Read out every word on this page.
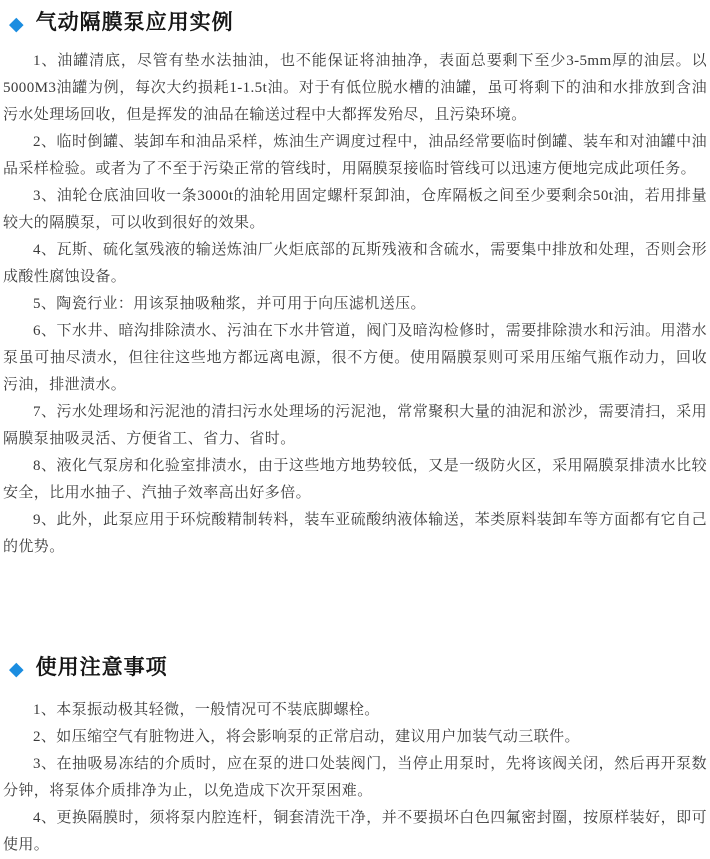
◆ 气动隔膜泵应用实例

1、油罐清底，尽管有垫水法抽油，也不能保证将油抽净，表面总要剩下至少3-5mm厚的油层。以5000M3油罐为例，每次大约损耗1-1.5t油。对于有低位脱水槽的油罐，虽可将剩下的油和水排放到含油污水处理场回收，但是挥发的油品在输送过程中大都挥发殆尽，且污染环境。

2、临时倒罐、装卸车和油品采样，炼油生产调度过程中，油品经常要临时倒罐、装车和对油罐中油品采样检验。或者为了不至于污染正常的管线时，用隔膜泵接临时管线可以迅速方便地完成此项任务。

3、油轮仓底油回收一条3000t的油轮用固定螺杆泵卸油，仓库隔板之间至少要剩余50t油，若用排量较大的隔膜泵，可以收到很好的效果。

4、瓦斯、硫化氢残液的输送炼油厂火炬底部的瓦斯残液和含硫水，需要集中排放和处理，否则会形成酸性腐蚀设备。

5、陶瓷行业：用该泵抽吸釉浆，并可用于向压滤机送压。

6、下水井、暗沟排除渍水、污油在下水井管道，阀门及暗沟检修时，需要排除溃水和污油。用潜水泵虽可抽尽渍水，但往往这些地方都远离电源，很不方便。使用隔膜泵则可采用压缩气瓶作动力，回收污油，排泄渍水。

7、污水处理场和污泥池的清扫污水处理场的污泥池，常常聚积大量的油泥和淤沙，需要清扫，采用隔膜泵抽吸灵活、方便省工、省力、省时。

8、液化气泵房和化验室排渍水，由于这些地方地势较低，又是一级防火区，采用隔膜泵排渍水比较安全，比用水抽子、汽抽子效率高出好多倍。

9、此外，此泵应用于环烷酸精制转料，装车亚硫酸纳液体输送，苯类原料装卸车等方面都有它自己的优势。

◆ 使用注意事项

1、本泵振动极其轻微，一般情况可不装底脚螺栓。

2、如压缩空气有脏物进入，将会影响泵的正常启动，建议用户加装气动三联件。

3、在抽吸易冻结的介质时，应在泵的进口处装阀门，当停止用泵时，先将该阀关闭，然后再开泵数分钟，将泵体介质排净为止，以免造成下次开泵困难。

4、更换隔膜时，须将泵内腔连杆，铜套清洗干净，并不要损坏白色四氟密封圈，按原样装好，即可使用。
